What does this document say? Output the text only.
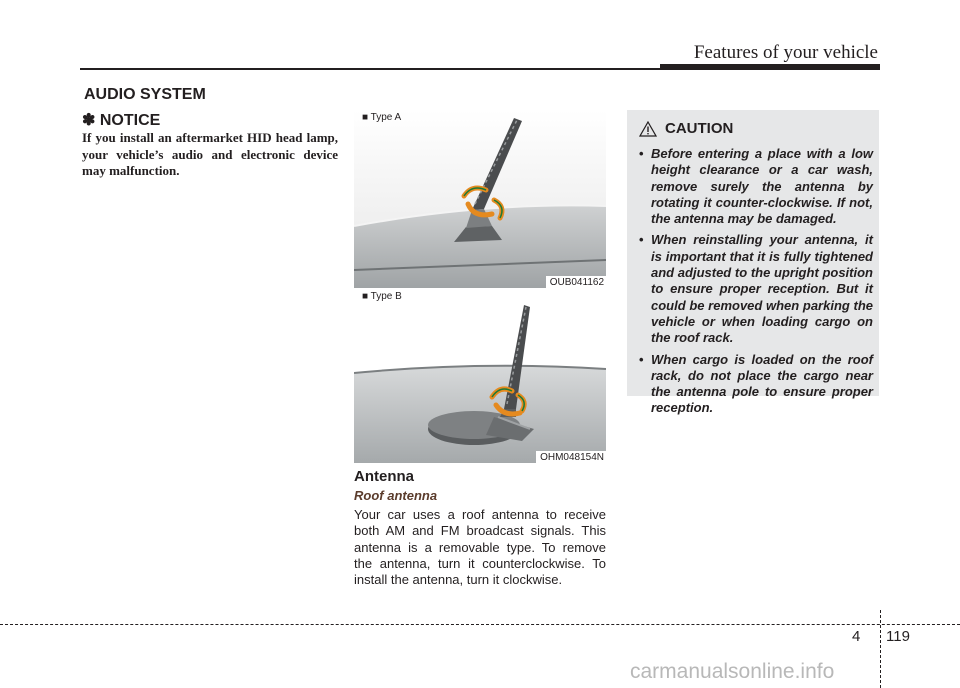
Features of your vehicle
AUDIO SYSTEM
✽ NOTICE
If you install an aftermarket HID head lamp, your vehicle’s audio and electronic device may malfunction.
■ Type A
OUB041162
■ Type B
OHM048154N
Antenna
Roof antenna
Your car uses a roof antenna to receive both AM and FM broadcast signals. This antenna is a removable type. To remove the antenna, turn it counterclockwise. To install the antenna, turn it clockwise.
CAUTION
• Before entering a place with a low height clearance or a car wash, remove surely the antenna by rotating it counter-clockwise. If not, the antenna may be damaged.
• When reinstalling your antenna, it is important that it is fully tightened and adjusted to the upright position to ensure proper reception. But it could be removed when parking the vehicle or when loading cargo on the roof rack.
• When cargo is loaded on the roof rack, do not place the cargo near the antenna pole to ensure proper reception.
4 119
carmanualsonline.info
